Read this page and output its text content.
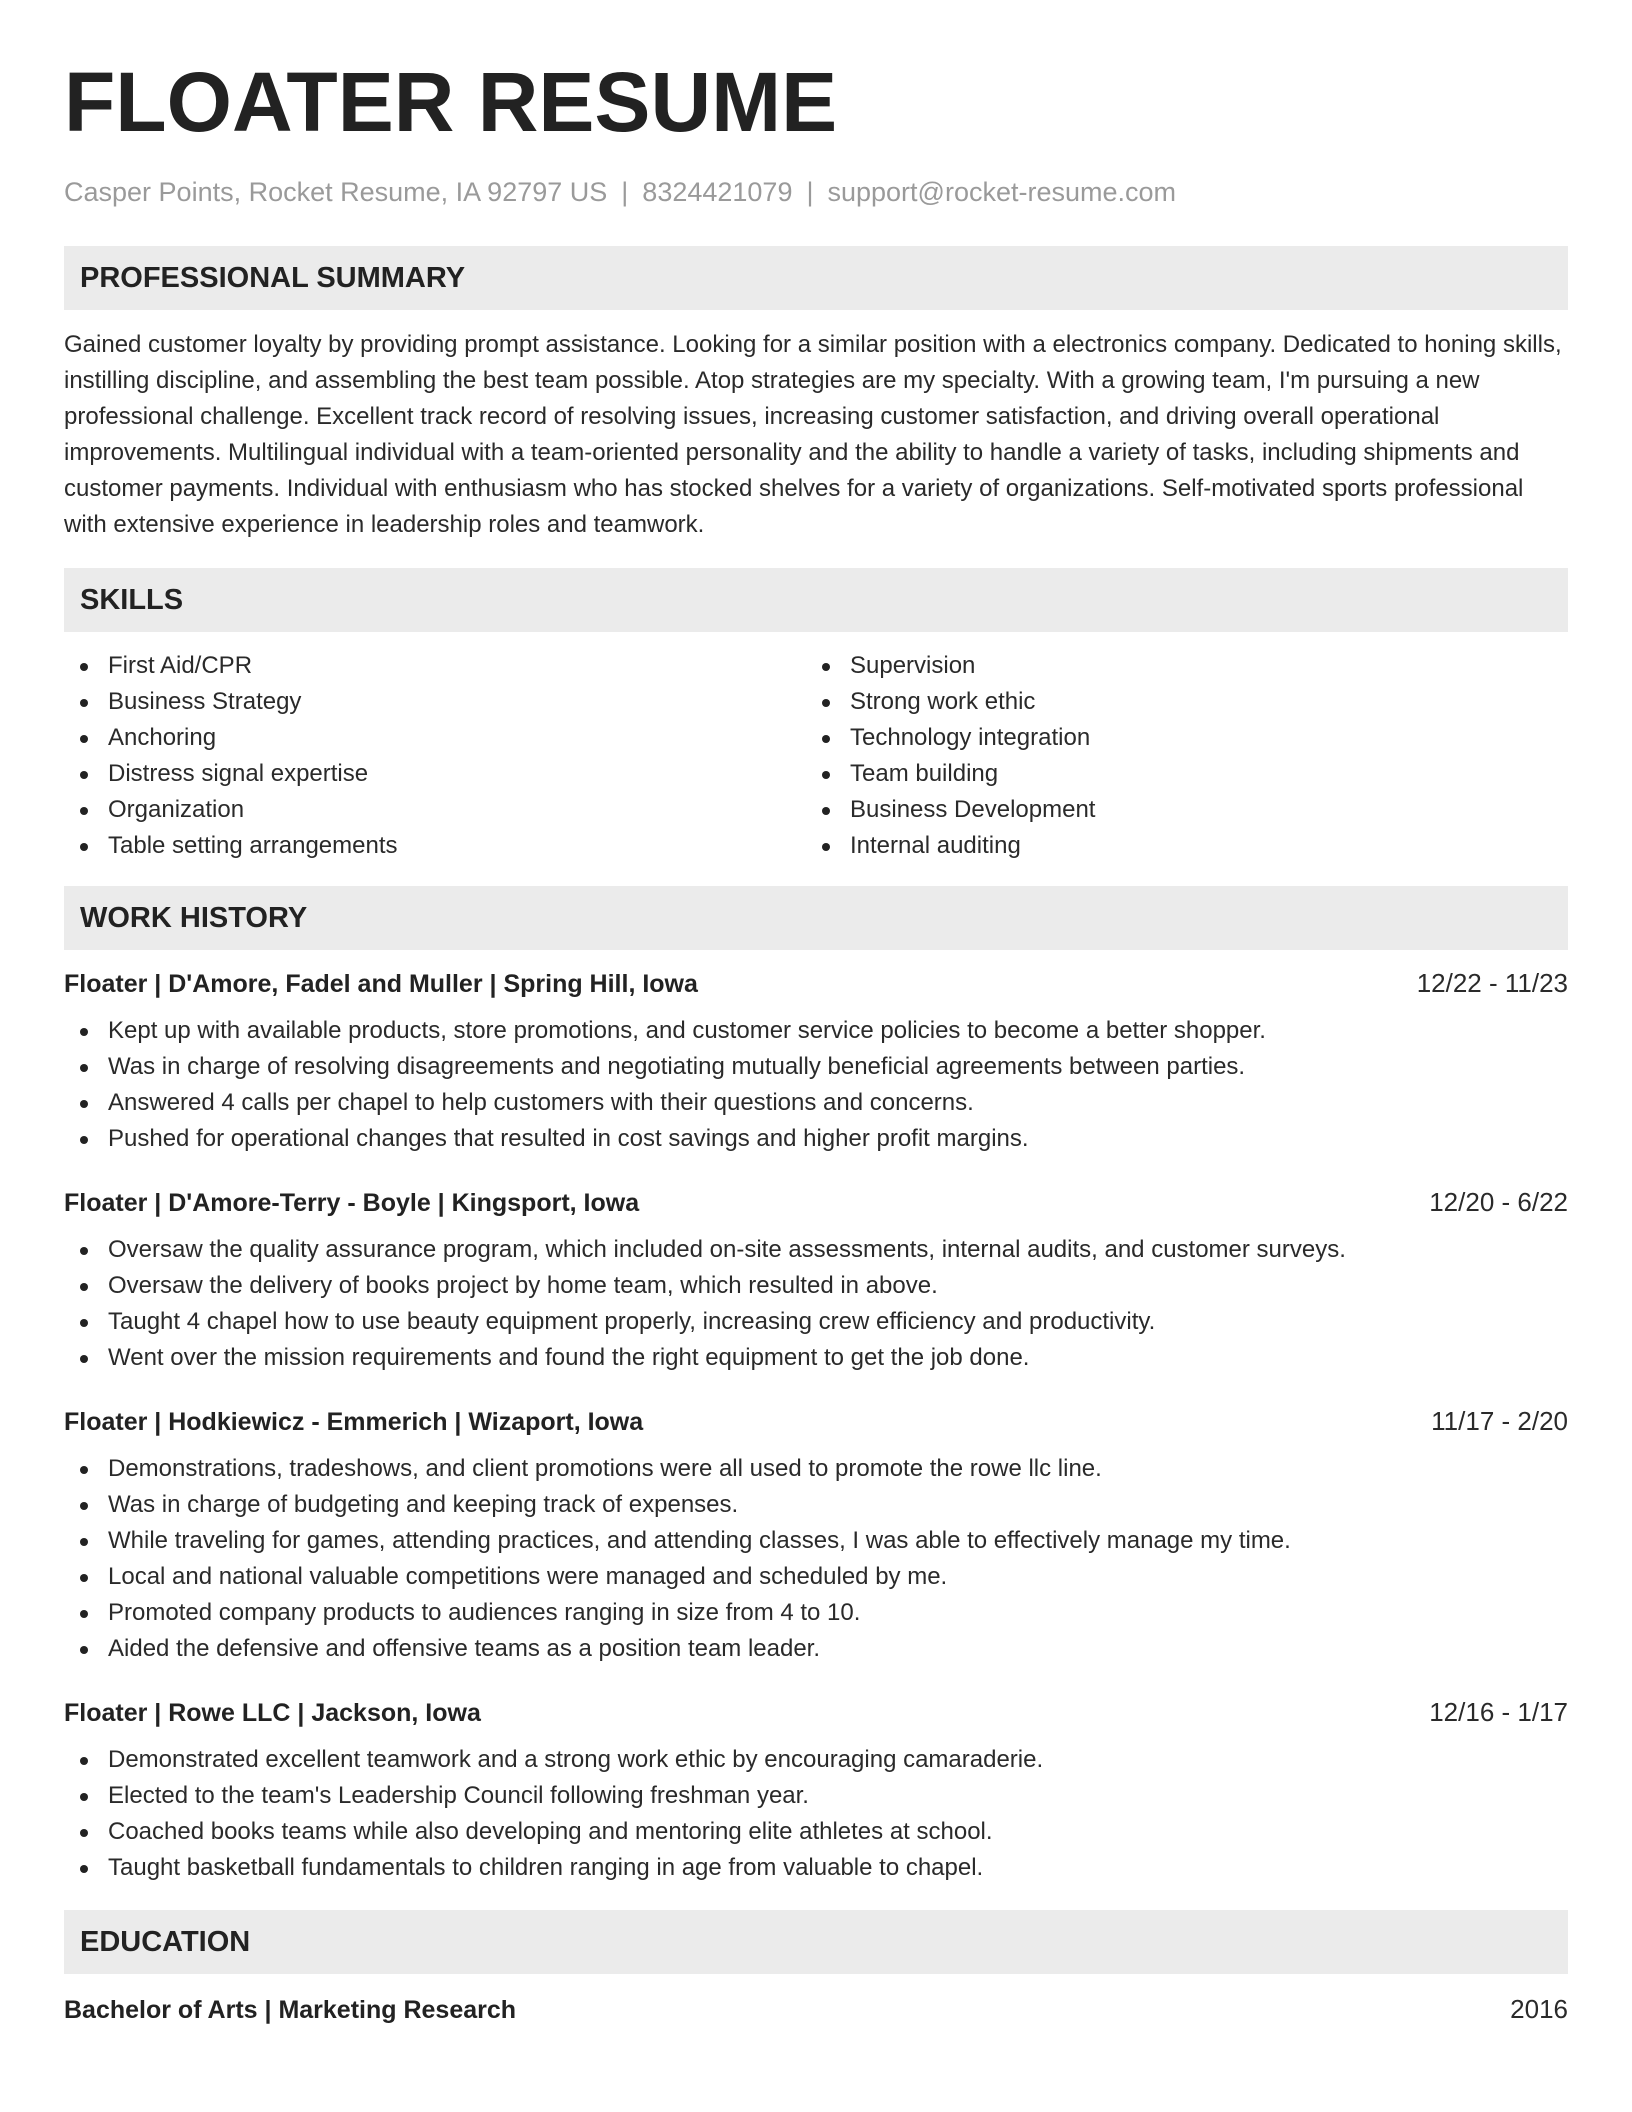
FLOATER RESUME
Casper Points, Rocket Resume, IA 92797 US | 8324421079 | support@rocket-resume.com
PROFESSIONAL SUMMARY
Gained customer loyalty by providing prompt assistance. Looking for a similar position with a electronics company. Dedicated to honing skills, instilling discipline, and assembling the best team possible. Atop strategies are my specialty. With a growing team, I'm pursuing a new professional challenge. Excellent track record of resolving issues, increasing customer satisfaction, and driving overall operational improvements. Multilingual individual with a team-oriented personality and the ability to handle a variety of tasks, including shipments and customer payments. Individual with enthusiasm who has stocked shelves for a variety of organizations. Self-motivated sports professional with extensive experience in leadership roles and teamwork.
SKILLS
First Aid/CPR
Business Strategy
Anchoring
Distress signal expertise
Organization
Table setting arrangements
Supervision
Strong work ethic
Technology integration
Team building
Business Development
Internal auditing
WORK HISTORY
Floater | D'Amore, Fadel and Muller | Spring Hill, Iowa	12/22 - 11/23
Kept up with available products, store promotions, and customer service policies to become a better shopper.
Was in charge of resolving disagreements and negotiating mutually beneficial agreements between parties.
Answered 4 calls per chapel to help customers with their questions and concerns.
Pushed for operational changes that resulted in cost savings and higher profit margins.
Floater | D'Amore-Terry - Boyle | Kingsport, Iowa	12/20 - 6/22
Oversaw the quality assurance program, which included on-site assessments, internal audits, and customer surveys.
Oversaw the delivery of books project by home team, which resulted in above.
Taught 4 chapel how to use beauty equipment properly, increasing crew efficiency and productivity.
Went over the mission requirements and found the right equipment to get the job done.
Floater | Hodkiewicz - Emmerich | Wizaport, Iowa	11/17 - 2/20
Demonstrations, tradeshows, and client promotions were all used to promote the rowe llc line.
Was in charge of budgeting and keeping track of expenses.
While traveling for games, attending practices, and attending classes, I was able to effectively manage my time.
Local and national valuable competitions were managed and scheduled by me.
Promoted company products to audiences ranging in size from 4 to 10.
Aided the defensive and offensive teams as a position team leader.
Floater | Rowe LLC | Jackson, Iowa	12/16 - 1/17
Demonstrated excellent teamwork and a strong work ethic by encouraging camaraderie.
Elected to the team's Leadership Council following freshman year.
Coached books teams while also developing and mentoring elite athletes at school.
Taught basketball fundamentals to children ranging in age from valuable to chapel.
EDUCATION
Bachelor of Arts | Marketing Research	2016
